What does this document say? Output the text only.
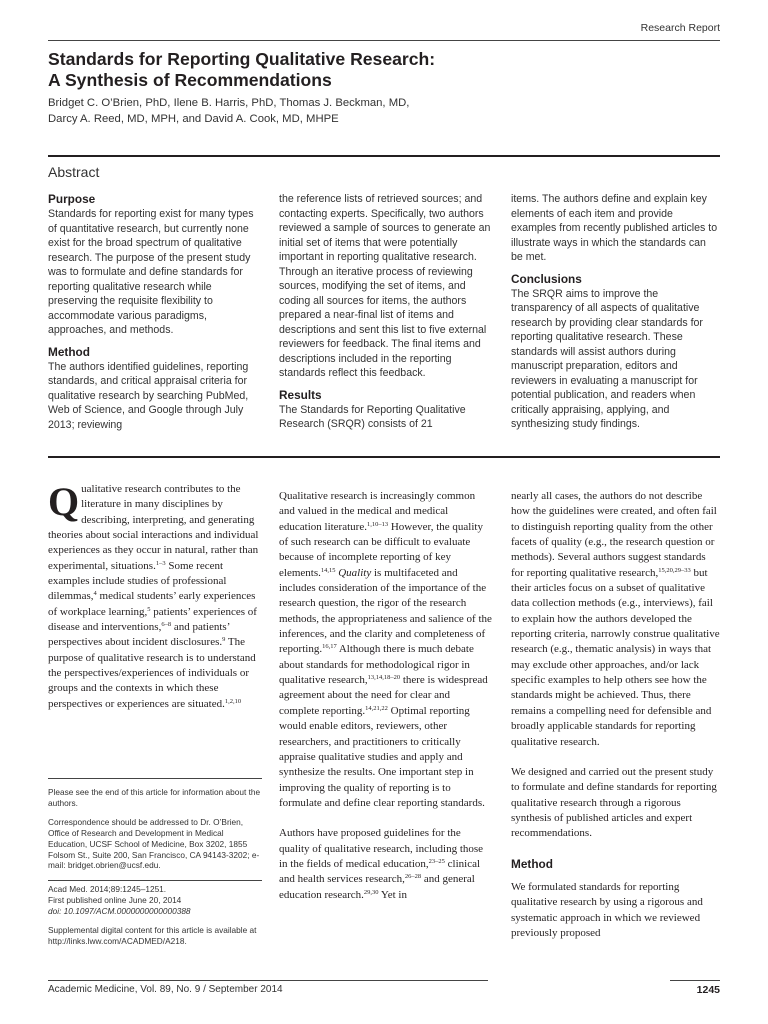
Research Report
Standards for Reporting Qualitative Research:
A Synthesis of Recommendations
Bridget C. O’Brien, PhD, Ilene B. Harris, PhD, Thomas J. Beckman, MD,
Darcy A. Reed, MD, MPH, and David A. Cook, MD, MHPE
Abstract
Purpose

Standards for reporting exist for many types of quantitative research, but currently none exist for the broad spectrum of qualitative research. The purpose of the present study was to formulate and define standards for reporting qualitative research while preserving the requisite flexibility to accommodate various paradigms, approaches, and methods.

Method

The authors identified guidelines, reporting standards, and critical appraisal criteria for qualitative research by searching PubMed, Web of Science, and Google through July 2013; reviewing

the reference lists of retrieved sources; and contacting experts. Specifically, two authors reviewed a sample of sources to generate an initial set of items that were potentially important in reporting qualitative research. Through an iterative process of reviewing sources, modifying the set of items, and coding all sources for items, the authors prepared a near-final list of items and descriptions and sent this list to five external reviewers for feedback. The final items and descriptions included in the reporting standards reflect this feedback.

Results

The Standards for Reporting Qualitative Research (SRQR) consists of 21

items. The authors define and explain key elements of each item and provide examples from recently published articles to illustrate ways in which the standards can be met.

Conclusions

The SRQR aims to improve the transparency of all aspects of qualitative research by providing clear standards for reporting qualitative research. These standards will assist authors during manuscript preparation, editors and reviewers in evaluating a manuscript for potential publication, and readers when critically appraising, applying, and synthesizing study findings.

Qualitative research contributes to the literature in many disciplines by describing, interpreting, and generating theories about social interactions and individual experiences as they occur in natural, rather than experimental, situations.$^{1-3}$ Some recent examples include studies of professional dilemmas,$^4$ medical students’ early experiences of workplace learning,$^5$ patients’ experiences of disease and interventions,$^{6-8}$ and patients’ perspectives about incident disclosures.$^9$ The purpose of qualitative research is to understand the perspectives/experiences of individuals or groups and the contexts in which these perspectives or experiences are situated.$^{1,2,10}$

Please see the end of this article for information about the authors.

Correspondence should be addressed to Dr. O’Brien, Office of Research and Development in Medical Education, UCSF School of Medicine, Box 3202, 1855 Folsom St., Suite 200, San Francisco, CA 94143-3202; e-mail: bridget.obrien@ucsf.edu.

Acad Med. 2014;89:1245–1251.

First published online June 20, 2014

doi: 10.1097/ACM.0000000000000388

Supplemental digital content for this article is available at http://links.lww.com/ACADMED/A218.

Qualitative research is increasingly common and valued in the medical and medical education literature.$^{1,10-13}$ However, the quality of such research can be difficult to evaluate because of incomplete reporting of key elements.$^{14,15}$ Quality is multifaceted and includes consideration of the importance of the research question, the rigor of the research methods, the appropriateness and salience of the inferences, and the clarity and completeness of reporting.$^{16,17}$ Although there is much debate about standards for methodological rigor in qualitative research,$^{13,14,18-20}$ there is widespread agreement about the need for clear and complete reporting.$^{14,21,22}$ Optimal reporting would enable editors, reviewers, other researchers, and practitioners to critically appraise qualitative studies and apply and synthesize the results. One important step in improving the quality of reporting is to formulate and define clear reporting standards.

Authors have proposed guidelines for the quality of qualitative research, including those in the fields of medical education,$^{23-25}$ clinical and health services research,$^{26-28}$ and general education research.$^{29,30}$ Yet in

nearly all cases, the authors do not describe how the guidelines were created, and often fail to distinguish reporting quality from the other facets of quality (e.g., the research question or methods). Several authors suggest standards for reporting qualitative research,$^{15,20,29-33}$ but their articles focus on a subset of qualitative data collection methods (e.g., interviews), fail to explain how the authors developed the reporting criteria, narrowly construe qualitative research (e.g., thematic analysis) in ways that may exclude other approaches, and/or lack specific examples to help others see how the standards might be achieved. Thus, there remains a compelling need for defensible and broadly applicable standards for reporting qualitative research.

We designed and carried out the present study to formulate and define standards for reporting qualitative research through a rigorous synthesis of published articles and expert recommendations.

Method

We formulated standards for reporting qualitative research by using a rigorous and systematic approach in which we reviewed previously proposed

Academic Medicine, Vol. 89, No. 9 / September 2014	1245
